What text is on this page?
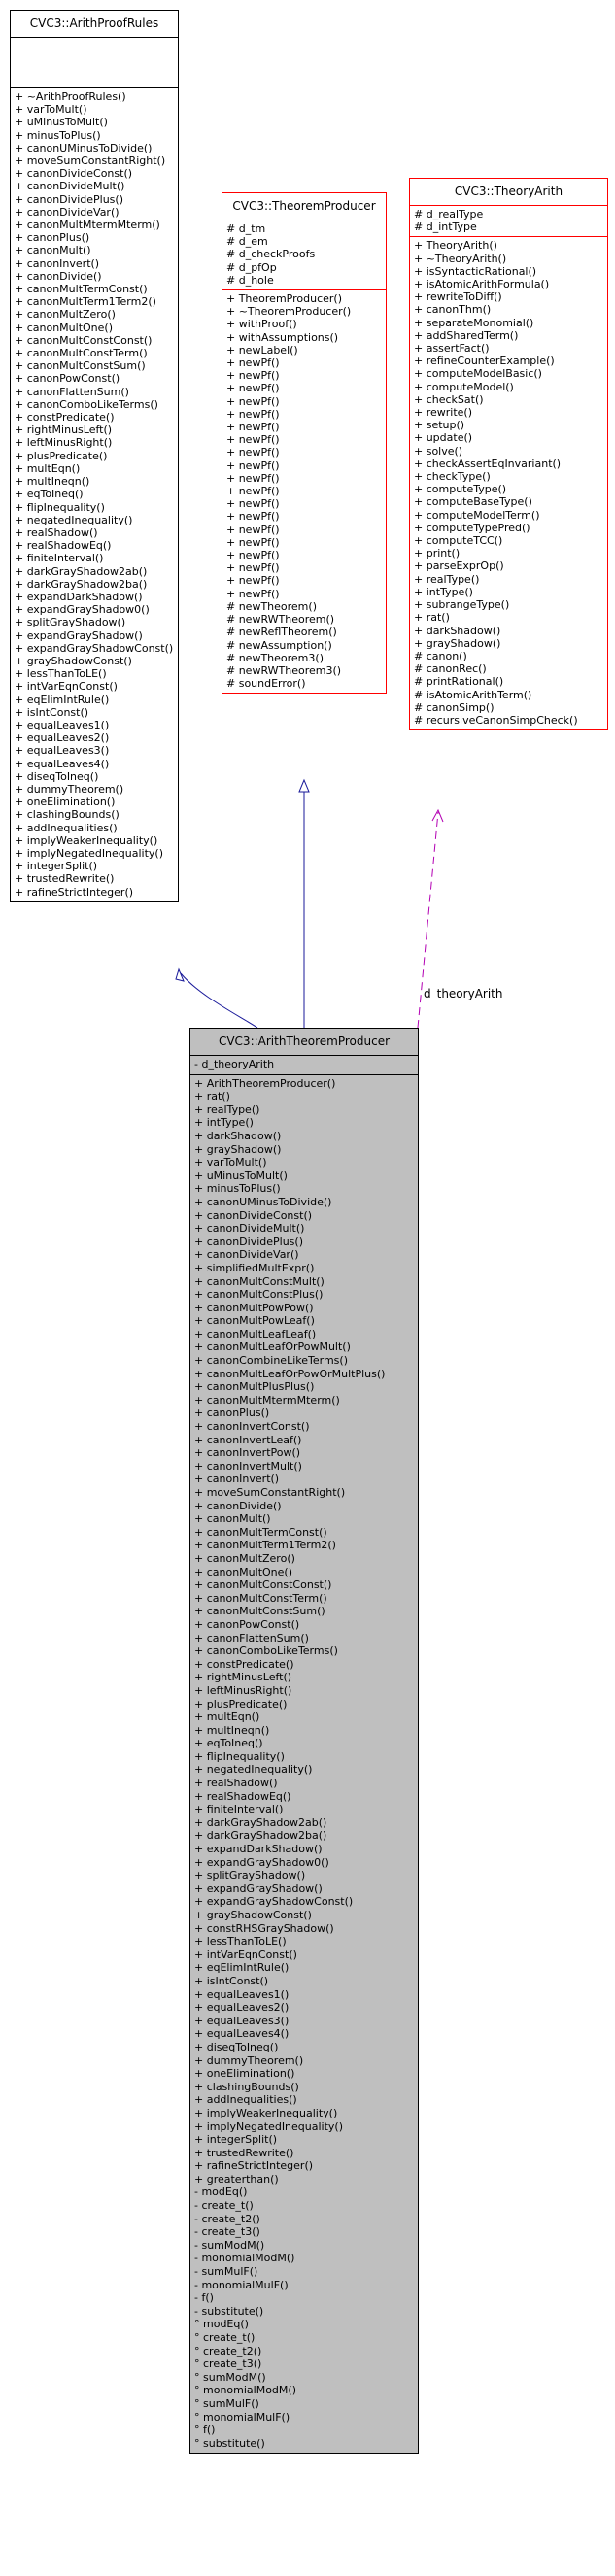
d_theoryArith
CVC3::ArithProofRules
+ ~ArithProofRules()
+ varToMult()
+ uMinusToMult()
+ minusToPlus()
+ canonUMinusToDivide()
+ moveSumConstantRight()
+ canonDivideConst()
+ canonDivideMult()
+ canonDividePlus()
+ canonDivideVar()
+ canonMultMtermMterm()
+ canonPlus()
+ canonMult()
+ canonInvert()
+ canonDivide()
+ canonMultTermConst()
+ canonMultTerm1Term2()
+ canonMultZero()
+ canonMultOne()
+ canonMultConstConst()
+ canonMultConstTerm()
+ canonMultConstSum()
+ canonPowConst()
+ canonFlattenSum()
+ canonComboLikeTerms()
+ constPredicate()
+ rightMinusLeft()
+ leftMinusRight()
+ plusPredicate()
+ multEqn()
+ multIneqn()
+ eqToIneq()
+ flipInequality()
+ negatedInequality()
+ realShadow()
+ realShadowEq()
+ finiteInterval()
+ darkGrayShadow2ab()
+ darkGrayShadow2ba()
+ expandDarkShadow()
+ expandGrayShadow0()
+ splitGrayShadow()
+ expandGrayShadow()
+ expandGrayShadowConst()
+ grayShadowConst()
+ lessThanToLE()
+ intVarEqnConst()
+ eqElimIntRule()
+ isIntConst()
+ equalLeaves1()
+ equalLeaves2()
+ equalLeaves3()
+ equalLeaves4()
+ diseqToIneq()
+ dummyTheorem()
+ oneElimination()
+ clashingBounds()
+ addInequalities()
+ implyWeakerInequality()
+ implyNegatedInequality()
+ integerSplit()
+ trustedRewrite()
+ rafineStrictInteger()
CVC3::TheoremProducer
# d_tm
# d_em
# d_checkProofs
# d_pfOp
# d_hole
+ TheoremProducer()
+ ~TheoremProducer()
+ withProof()
+ withAssumptions()
+ newLabel()
+ newPf()
+ newPf()
+ newPf()
+ newPf()
+ newPf()
+ newPf()
+ newPf()
+ newPf()
+ newPf()
+ newPf()
+ newPf()
+ newPf()
+ newPf()
+ newPf()
+ newPf()
+ newPf()
+ newPf()
+ newPf()
+ newPf()
# newTheorem()
# newRWTheorem()
# newReflTheorem()
# newAssumption()
# newTheorem3()
# newRWTheorem3()
# soundError()
CVC3::TheoryArith
# d_realType
# d_intType
+ TheoryArith()
+ ~TheoryArith()
+ isSyntacticRational()
+ isAtomicArithFormula()
+ rewriteToDiff()
+ canonThm()
+ separateMonomial()
+ addSharedTerm()
+ assertFact()
+ refineCounterExample()
+ computeModelBasic()
+ computeModel()
+ checkSat()
+ rewrite()
+ setup()
+ update()
+ solve()
+ checkAssertEqInvariant()
+ checkType()
+ computeType()
+ computeBaseType()
+ computeModelTerm()
+ computeTypePred()
+ computeTCC()
+ print()
+ parseExprOp()
+ realType()
+ intType()
+ subrangeType()
+ rat()
+ darkShadow()
+ grayShadow()
# canon()
# canonRec()
# printRational()
# isAtomicArithTerm()
# canonSimp()
# recursiveCanonSimpCheck()
CVC3::ArithTheoremProducer
- d_theoryArith
+ ArithTheoremProducer()
+ rat()
+ realType()
+ intType()
+ darkShadow()
+ grayShadow()
+ varToMult()
+ uMinusToMult()
+ minusToPlus()
+ canonUMinusToDivide()
+ canonDivideConst()
+ canonDivideMult()
+ canonDividePlus()
+ canonDivideVar()
+ simplifiedMultExpr()
+ canonMultConstMult()
+ canonMultConstPlus()
+ canonMultPowPow()
+ canonMultPowLeaf()
+ canonMultLeafLeaf()
+ canonMultLeafOrPowMult()
+ canonCombineLikeTerms()
+ canonMultLeafOrPowOrMultPlus()
+ canonMultPlusPlus()
+ canonMultMtermMterm()
+ canonPlus()
+ canonInvertConst()
+ canonInvertLeaf()
+ canonInvertPow()
+ canonInvertMult()
+ canonInvert()
+ moveSumConstantRight()
+ canonDivide()
+ canonMult()
+ canonMultTermConst()
+ canonMultTerm1Term2()
+ canonMultZero()
+ canonMultOne()
+ canonMultConstConst()
+ canonMultConstTerm()
+ canonMultConstSum()
+ canonPowConst()
+ canonFlattenSum()
+ canonComboLikeTerms()
+ constPredicate()
+ rightMinusLeft()
+ leftMinusRight()
+ plusPredicate()
+ multEqn()
+ multIneqn()
+ eqToIneq()
+ flipInequality()
+ negatedInequality()
+ realShadow()
+ realShadowEq()
+ finiteInterval()
+ darkGrayShadow2ab()
+ darkGrayShadow2ba()
+ expandDarkShadow()
+ expandGrayShadow0()
+ splitGrayShadow()
+ expandGrayShadow()
+ expandGrayShadowConst()
+ grayShadowConst()
+ constRHSGrayShadow()
+ lessThanToLE()
+ intVarEqnConst()
+ eqElimIntRule()
+ isIntConst()
+ equalLeaves1()
+ equalLeaves2()
+ equalLeaves3()
+ equalLeaves4()
+ diseqToIneq()
+ dummyTheorem()
+ oneElimination()
+ clashingBounds()
+ addInequalities()
+ implyWeakerInequality()
+ implyNegatedInequality()
+ integerSplit()
+ trustedRewrite()
+ rafineStrictInteger()
+ greaterthan()
- modEq()
- create_t()
- create_t2()
- create_t3()
- sumModM()
- monomialModM()
- sumMulF()
- monomialMulF()
- f()
- substitute()
° modEq()
° create_t()
° create_t2()
° create_t3()
° sumModM()
° monomialModM()
° sumMulF()
° monomialMulF()
° f()
° substitute()
